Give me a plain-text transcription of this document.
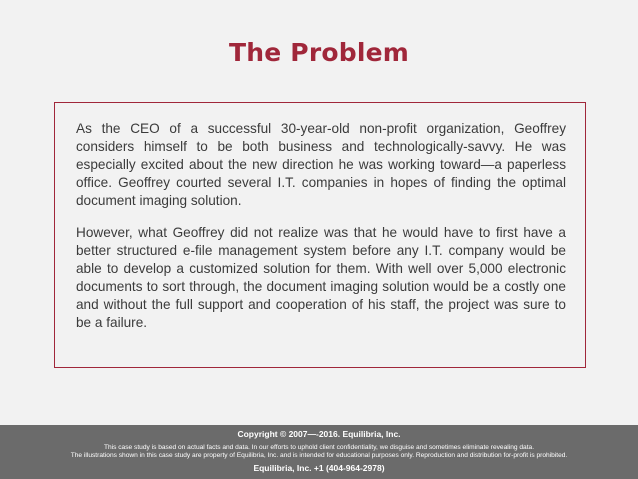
The Problem

As the CEO of a successful 30-year-old non-profit organization, Geoffrey considers himself to be both business and technologically-savvy. He was especially excited about the new direction he was working toward—a paperless office. Geoffrey courted several I.T. companies in hopes of finding the optimal document imaging solution.

However, what Geoffrey did not realize was that he would have to first have a better structured e-file management system before any I.T. company would be able to develop a customized solution for them. With well over 5,000 electronic documents to sort through, the document imaging solution would be a costly one and without the full support and cooperation of his staff, the project was sure to be a failure.

Copyright © 2007—-2016. Equilibria, Inc.
This case study is based on actual facts and data. In our efforts to uphold client confidentiality, we disguise and sometimes eliminate revealing data.
The illustrations shown in this case study are property of Equilibria, Inc. and is intended for educational purposes only. Reproduction and distribution for-profit is prohibited.
Equilibria, Inc. +1 (404-964-2978)
